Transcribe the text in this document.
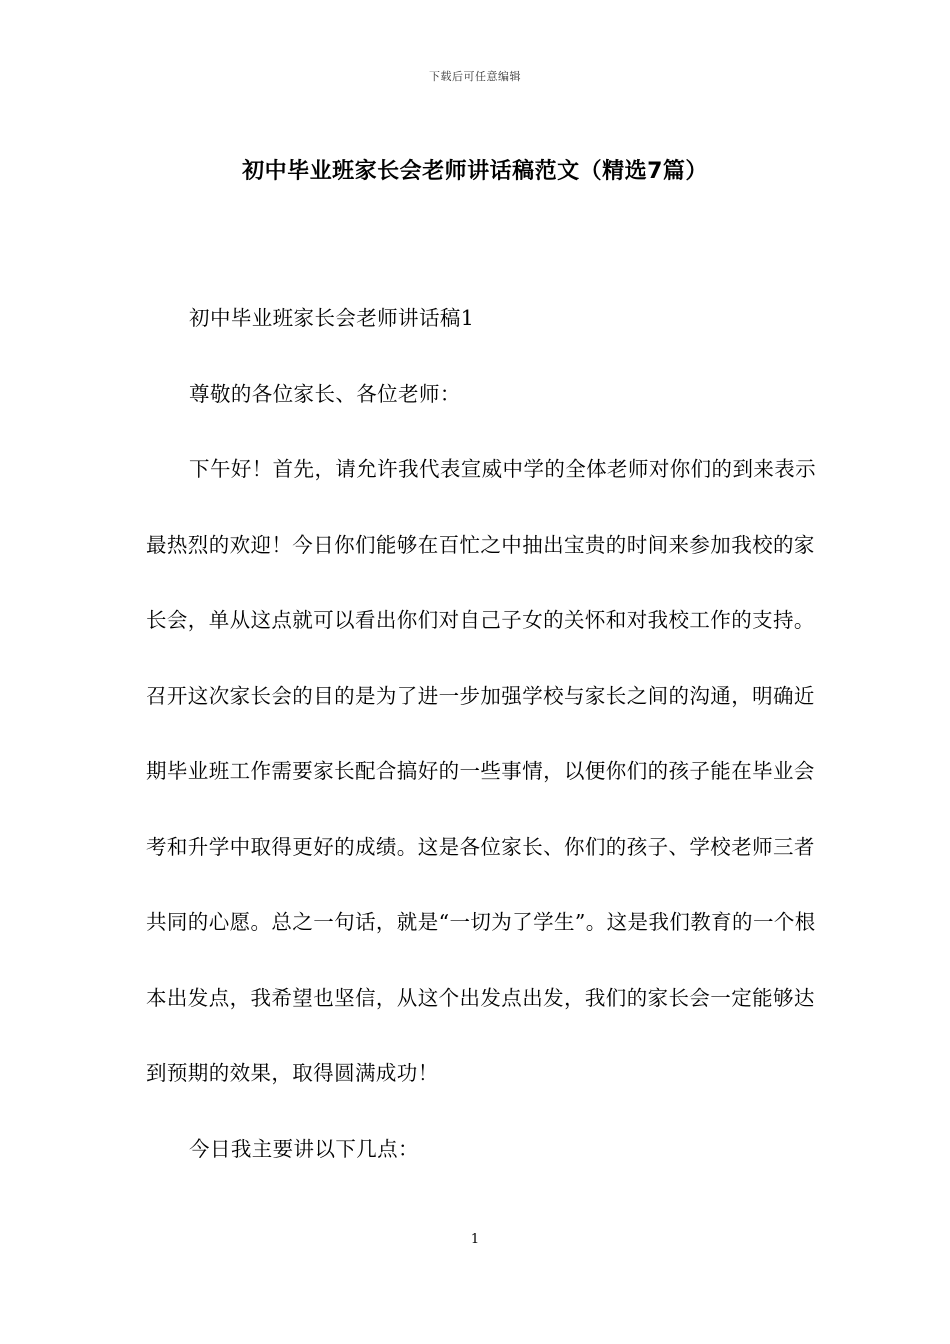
下载后可任意编辑
初中毕业班家长会老师讲话稿范文（精选7篇）

初中毕业班家长会老师讲话稿1

尊敬的各位家长、各位老师：

下午好！首先，请允许我代表宣威中学的全体老师对你们的到来表示最热烈的欢迎！今日你们能够在百忙之中抽出宝贵的时间来参加我校的家长会，单从这点就可以看出你们对自己子女的关怀和对我校工作的支持。召开这次家长会的目的是为了进一步加强学校与家长之间的沟通，明确近期毕业班工作需要家长配合搞好的一些事情，以便你们的孩子能在毕业会考和升学中取得更好的成绩。这是各位家长、你们的孩子、学校老师三者共同的心愿。总之一句话，就是“一切为了学生”。这是我们教育的一个根本出发点，我希望也坚信，从这个出发点出发，我们的家长会一定能够达到预期的效果，取得圆满成功！

今日我主要讲以下几点：

1
